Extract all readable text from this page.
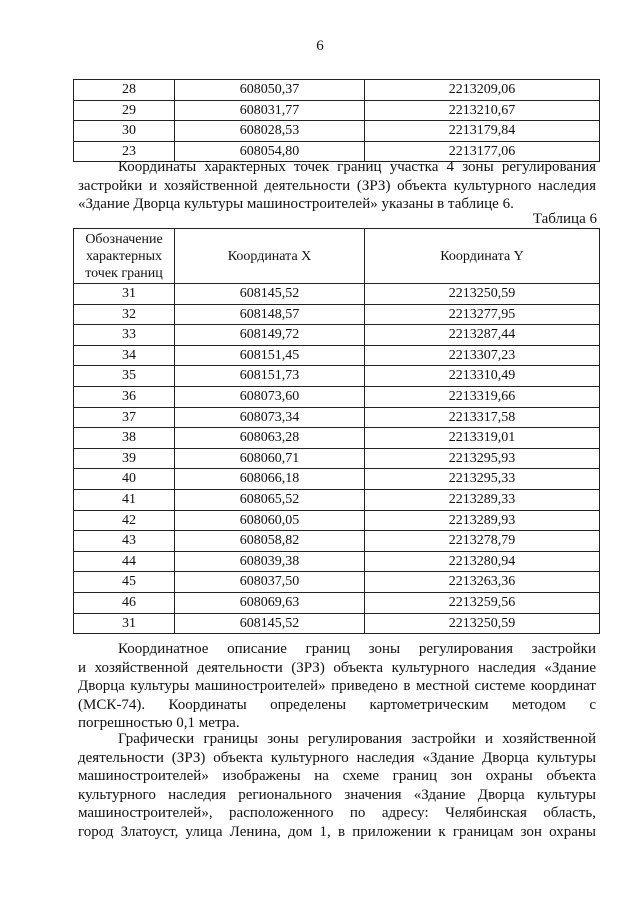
6
28	608050,37	2213209,06
29	608031,77	2213210,67
30	608028,53	2213179,84
23	608054,80	2213177,06
Координаты характерных точек границ участка 4 зоны регулирования
застройки и хозяйственной деятельности (ЗРЗ) объекта культурного наследия
«Здание Дворца культуры машиностроителей» указаны в таблице 6.
Таблица 6
Обозначение характерных точек границ	Координата X	Координата Y
31	608145,52	2213250,59
32	608148,57	2213277,95
33	608149,72	2213287,44
34	608151,45	2213307,23
35	608151,73	2213310,49
36	608073,60	2213319,66
37	608073,34	2213317,58
38	608063,28	2213319,01
39	608060,71	2213295,93
40	608066,18	2213295,33
41	608065,52	2213289,33
42	608060,05	2213289,93
43	608058,82	2213278,79
44	608039,38	2213280,94
45	608037,50	2213263,36
46	608069,63	2213259,56
31	608145,52	2213250,59
Координатное описание границ зоны регулирования застройки
и хозяйственной деятельности (ЗРЗ) объекта культурного наследия «Здание
Дворца культуры машиностроителей» приведено в местной системе координат
(МСК-74). Координаты определены картометрическим методом с
погрешностью 0,1 метра.
Графически границы зоны регулирования застройки и хозяйственной
деятельности (ЗРЗ) объекта культурного наследия «Здание Дворца культуры
машиностроителей» изображены на схеме границ зон охраны объекта
культурного наследия регионального значения «Здание Дворца культуры
машиностроителей», расположенного по адресу: Челябинская область,
город Златоуст, улица Ленина, дом 1, в приложении к границам зон охраны
